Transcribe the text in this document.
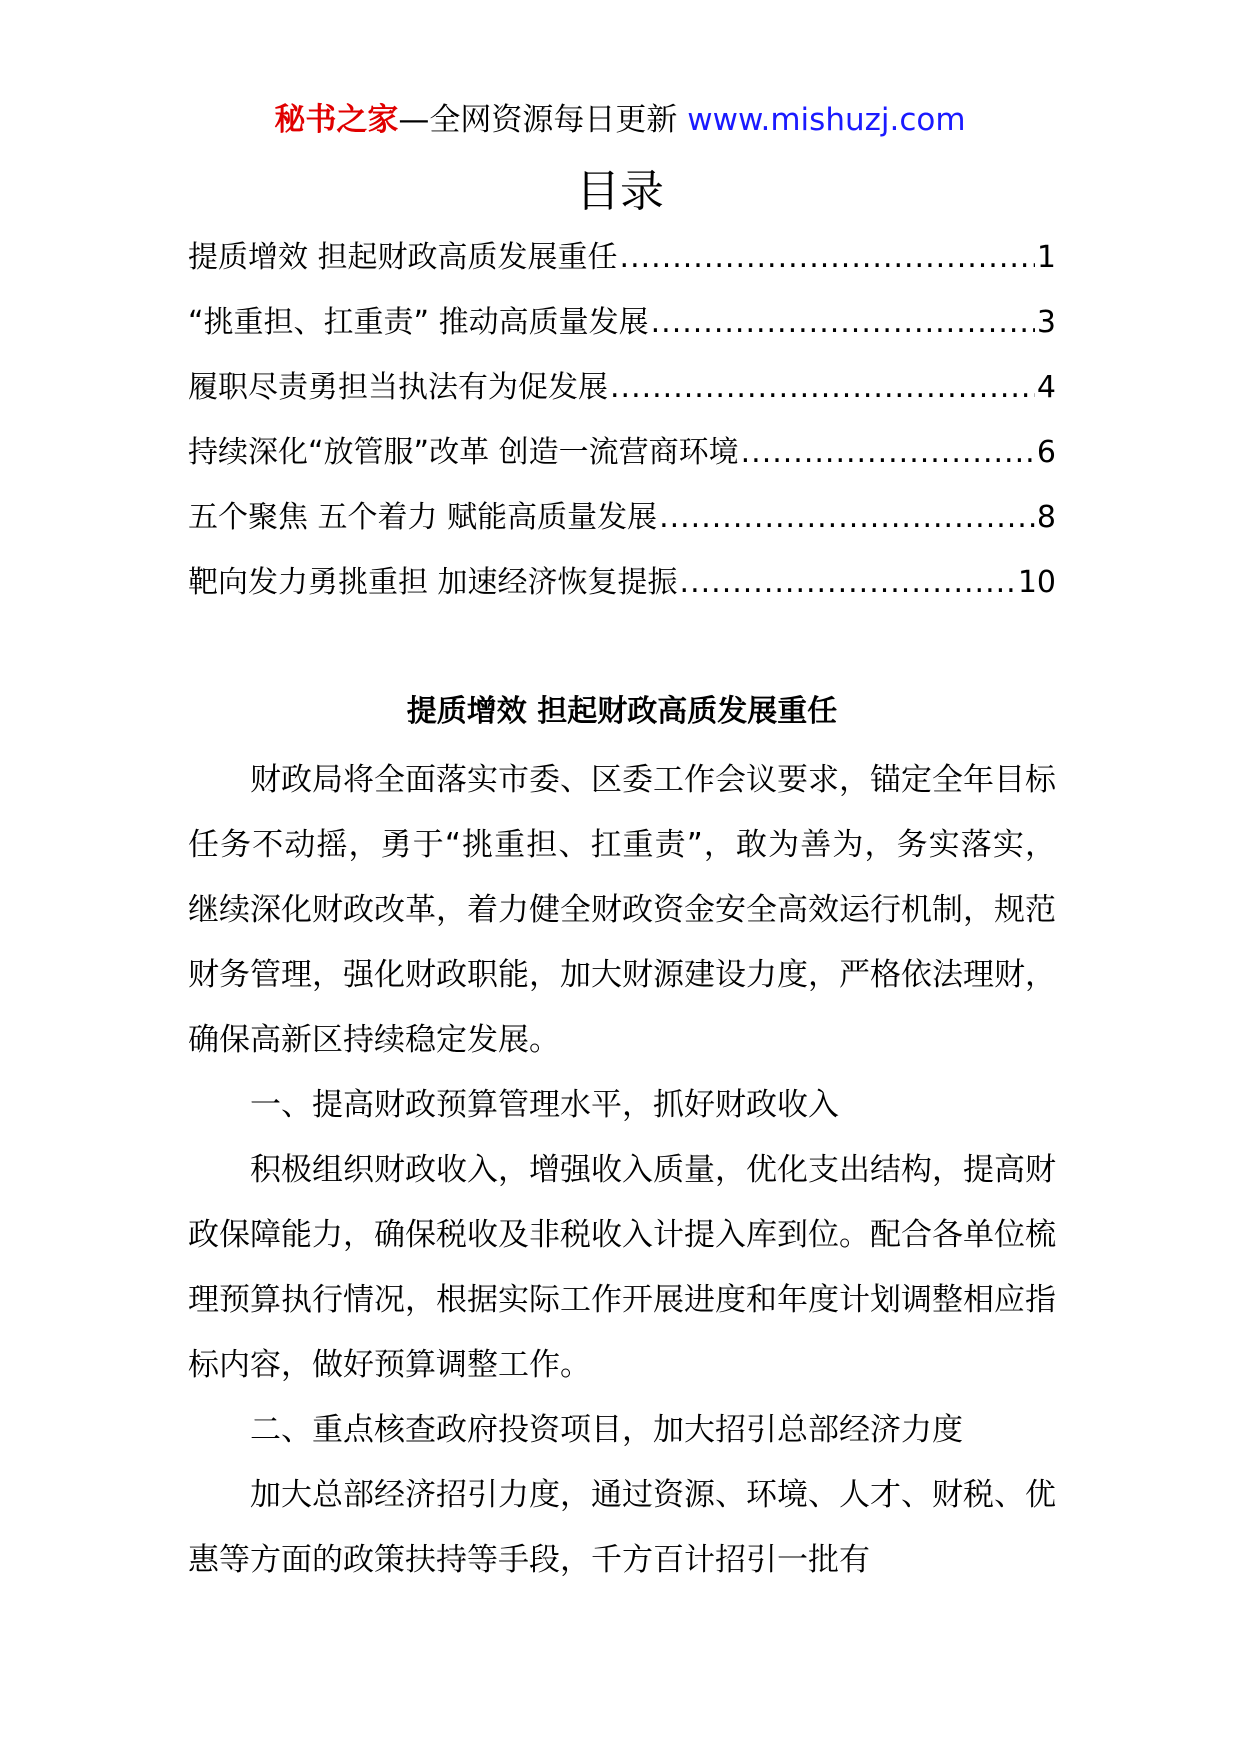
秘书之家—全网资源每日更新 www.mishuzj.com
目录
提质增效 担起财政高质发展重任 .....	1
“挑重担、扛重责” 推动高质量发展 .....	3
履职尽责勇担当执法有为促发展 .....	4
持续深化“放管服”改革 创造一流营商环境 .....	6
五个聚焦 五个着力 赋能高质量发展 .....	8
靶向发力勇挑重担 加速经济恢复提振 .....	10
提质增效 担起财政高质发展重任

财政局将全面落实市委、区委工作会议要求，锚定全年目标任务不动摇，勇于“挑重担、扛重责”，敢为善为，务实落实，继续深化财政改革，着力健全财政资金安全高效运行机制，规范财务管理，强化财政职能，加大财源建设力度，严格依法理财，确保高新区持续稳定发展。

一、提高财政预算管理水平，抓好财政收入

积极组织财政收入，增强收入质量，优化支出结构，提高财政保障能力，确保税收及非税收入计提入库到位。配合各单位梳理预算执行情况，根据实际工作开展进度和年度计划调整相应指标内容，做好预算调整工作。

二、重点核查政府投资项目，加大招引总部经济力度

加大总部经济招引力度，通过资源、环境、人才、财税、优惠等方面的政策扶持等手段，千方百计招引一批有
